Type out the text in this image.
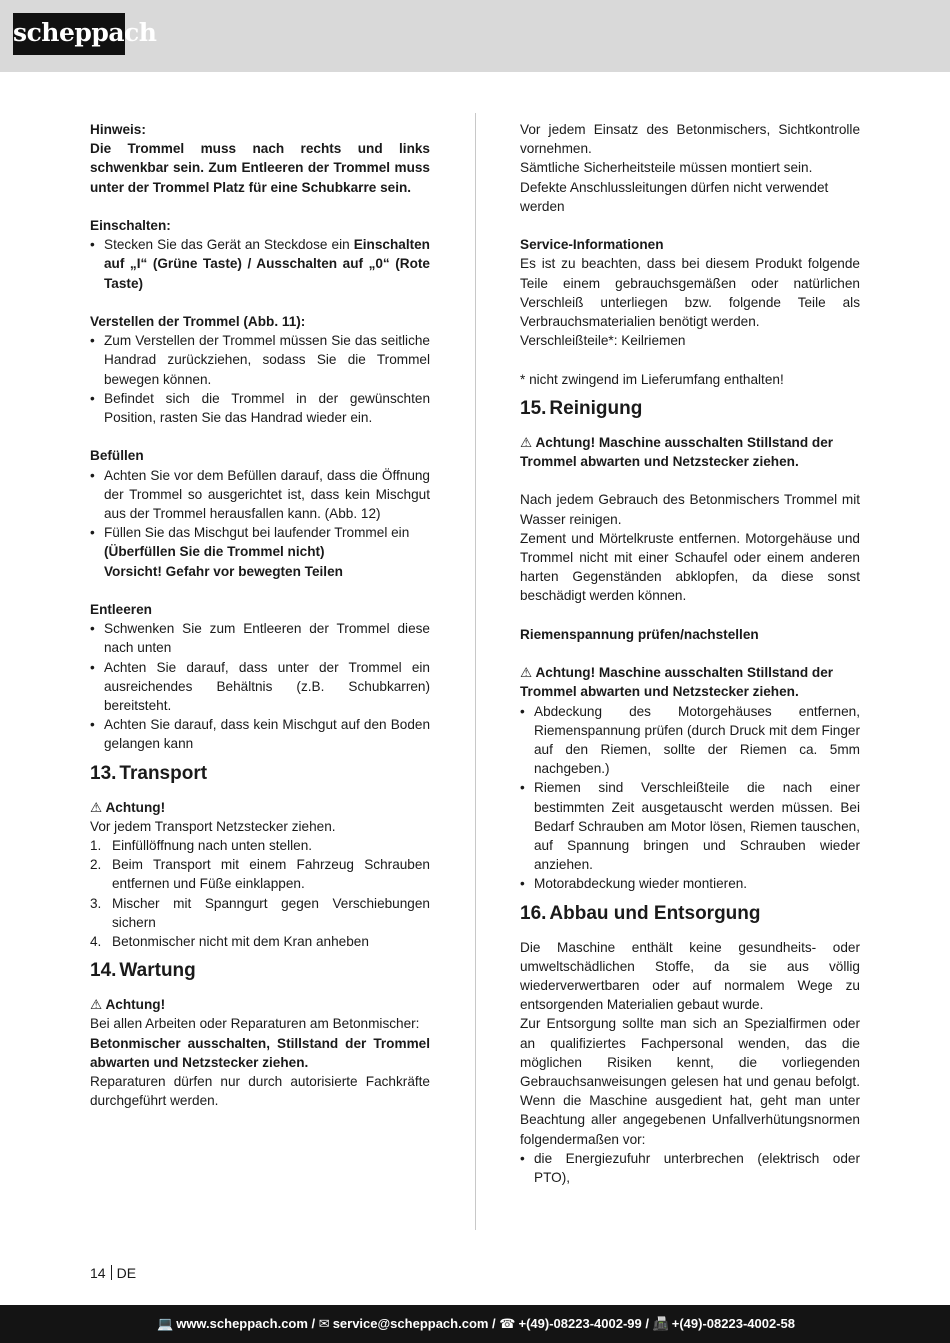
scheppach

Hinweis:

Die Trommel muss nach rechts und links schwenkbar sein. Zum Entleeren der Trommel muss unter der Trommel Platz für eine Schubkarre sein.

Einschalten:

• Stecken Sie das Gerät an Steckdose ein Einschalten auf „I“ (Grüne Taste) / Ausschalten auf „0“ (Rote Taste)

Verstellen der Trommel (Abb. 11):

• Zum Verstellen der Trommel müssen Sie das seitliche Handrad zurückziehen, sodass Sie die Trommel bewegen können.
• Befindet sich die Trommel in der gewünschten Position, rasten Sie das Handrad wieder ein.

Befüllen

• Achten Sie vor dem Befüllen darauf, dass die Öffnung der Trommel so ausgerichtet ist, dass kein Mischgut aus der Trommel herausfallen kann. (Abb. 12)
• Füllen Sie das Mischgut bei laufender Trommel ein
(Überfüllen Sie die Trommel nicht)
Vorsicht! Gefahr vor bewegten Teilen

Entleeren

• Schwenken Sie zum Entleeren der Trommel diese nach unten
• Achten Sie darauf, dass unter der Trommel ein ausreichendes Behältnis (z.B. Schubkarren) bereitsteht.
• Achten Sie darauf, dass kein Mischgut auf den Boden gelangen kann
13. Transport

⚠ Achtung!

Vor jedem Transport Netzstecker ziehen.

1. Einfüllöffnung nach unten stellen.
2. Beim Transport mit einem Fahrzeug Schrauben entfernen und Füße einklappen.
3. Mischer mit Spanngurt gegen Verschiebungen sichern
4. Betonmischer nicht mit dem Kran anheben
14. Wartung

⚠ Achtung!

Bei allen Arbeiten oder Reparaturen am Betonmischer:

Betonmischer ausschalten, Stillstand der Trommel abwarten und Netzstecker ziehen.

Reparaturen dürfen nur durch autorisierte Fachkräfte durchgeführt werden.

Vor jedem Einsatz des Betonmischers, Sichtkontrolle vornehmen.

Sämtliche Sicherheitsteile müssen montiert sein.

Defekte Anschlussleitungen dürfen nicht verwendet werden

Service-Informationen

Es ist zu beachten, dass bei diesem Produkt folgende Teile einem gebrauchsgemäßen oder natürlichen Verschleiß unterliegen bzw. folgende Teile als Verbrauchsmaterialien benötigt werden.

Verschleißteile*: Keilriemen

* nicht zwingend im Lieferumfang enthalten!

15. Reinigung

⚠ Achtung! Maschine ausschalten Stillstand der Trommel abwarten und Netzstecker ziehen.

Nach jedem Gebrauch des Betonmischers Trommel mit Wasser reinigen.

Zement und Mörtelkruste entfernen. Motorgehäuse und Trommel nicht mit einer Schaufel oder einem anderen harten Gegenständen abklopfen, da diese sonst beschädigt werden können.

Riemenspannung prüfen/nachstellen

⚠ Achtung! Maschine ausschalten Stillstand der Trommel abwarten und Netzstecker ziehen.

• Abdeckung des Motorgehäuses entfernen, Riemenspannung prüfen (durch Druck mit dem Finger auf den Riemen, sollte der Riemen ca. 5mm nachgeben.)
• Riemen sind Verschleißteile die nach einer bestimmten Zeit ausgetauscht werden müssen. Bei Bedarf Schrauben am Motor lösen, Riemen tauschen, auf Spannung bringen und Schrauben wieder anziehen.
• Motorabdeckung wieder montieren.
16. Abbau und Entsorgung

Die Maschine enthält keine gesundheits- oder umweltschädlichen Stoffe, da sie aus völlig wiederverwertbaren oder auf normalem Wege zu entsorgenden Materialien gebaut wurde.

Zur Entsorgung sollte man sich an Spezialfirmen oder an qualifiziertes Fachpersonal wenden, das die möglichen Risiken kennt, die vorliegenden Gebrauchsanweisungen gelesen hat und genau befolgt. Wenn die Maschine ausgedient hat, geht man unter Beachtung aller angegebenen Unfallverhütungsnormen folgendermaßen vor:

• die Energiezufuhr unterbrechen (elektrisch oder PTO),
14 DE
💻 www.scheppach.com / ✉ service@scheppach.com / ☎ +(49)-08223-4002-99 / 📠 +(49)-08223-4002-58
